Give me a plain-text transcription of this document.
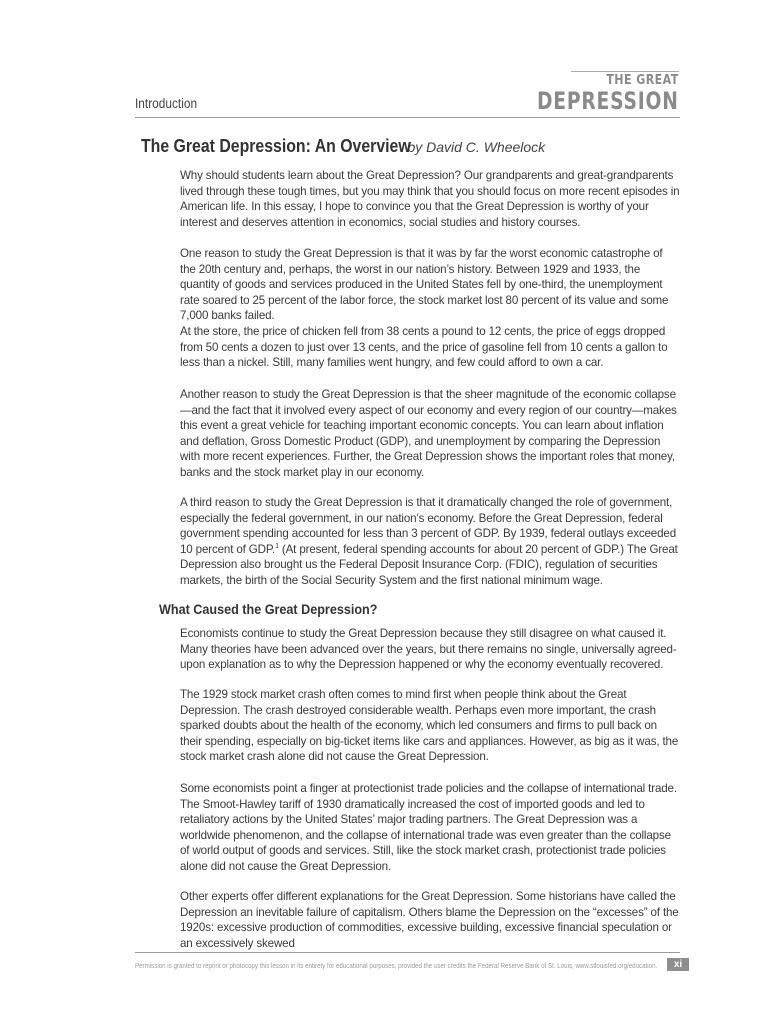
THE GREAT
DEPRESSION
Introduction
The Great Depression: An Overview by David C. Wheelock

Why should students learn about the Great Depression? Our grandparents and great-grandparents lived through these tough times, but you may think that you should focus on more recent episodes in American life. In this essay, I hope to convince you that the Great Depression is worthy of your interest and deserves attention in economics, social studies and history courses.

One reason to study the Great Depression is that it was by far the worst economic catastrophe of the 20th century and, perhaps, the worst in our nation’s history. Between 1929 and 1933, the quantity of goods and services produced in the United States fell by one-third, the unemployment rate soared to 25 percent of the labor force, the stock market lost 80 percent of its value and some 7,000 banks failed.

At the store, the price of chicken fell from 38 cents a pound to 12 cents, the price of eggs dropped from 50 cents a dozen to just over 13 cents, and the price of gasoline fell from 10 cents a gallon to less than a nickel. Still, many families went hungry, and few could afford to own a car.

Another reason to study the Great Depression is that the sheer magnitude of the economic collapse—and the fact that it involved every aspect of our economy and every region of our country—makes this event a great vehicle for teaching important economic concepts. You can learn about inflation and deflation, Gross Domestic Product (GDP), and unemployment by comparing the Depression with more recent experiences. Further, the Great Depression shows the important roles that money, banks and the stock market play in our economy.

A third reason to study the Great Depression is that it dramatically changed the role of government, especially the federal government, in our nation’s economy. Before the Great Depression, federal government spending accounted for less than 3 percent of GDP. By 1939, federal outlays exceeded 10 percent of GDP.$^1$ (At present, federal spending accounts for about 20 percent of GDP.) The Great Depression also brought us the Federal Deposit Insurance Corp. (FDIC), regulation of securities markets, the birth of the Social Security System and the first national minimum wage.

What Caused the Great Depression?

Economists continue to study the Great Depression because they still disagree on what caused it. Many theories have been advanced over the years, but there remains no single, universally agreed-upon explanation as to why the Depression happened or why the economy eventually recovered.

The 1929 stock market crash often comes to mind first when people think about the Great Depression. The crash destroyed considerable wealth. Perhaps even more important, the crash sparked doubts about the health of the economy, which led consumers and firms to pull back on their spending, especially on big-ticket items like cars and appliances. However, as big as it was, the stock market crash alone did not cause the Great Depression.

Some economists point a finger at protectionist trade policies and the collapse of international trade. The Smoot-Hawley tariff of 1930 dramatically increased the cost of imported goods and led to retaliatory actions by the United States’ major trading partners. The Great Depression was a worldwide phenomenon, and the collapse of international trade was even greater than the collapse of world output of goods and services. Still, like the stock market crash, protectionist trade policies alone did not cause the Great Depression.

Other experts offer different explanations for the Great Depression. Some historians have called the Depression an inevitable failure of capitalism. Others blame the Depression on the “excesses” of the 1920s: excessive production of commodities, excessive building, excessive financial speculation or an excessively skewed

Permission is granted to reprint or photocopy this lesson in its entirety for educational purposes, provided the user credits the Federal Reserve Bank of St. Louis, www.stlouisfed.org/education.	xi
